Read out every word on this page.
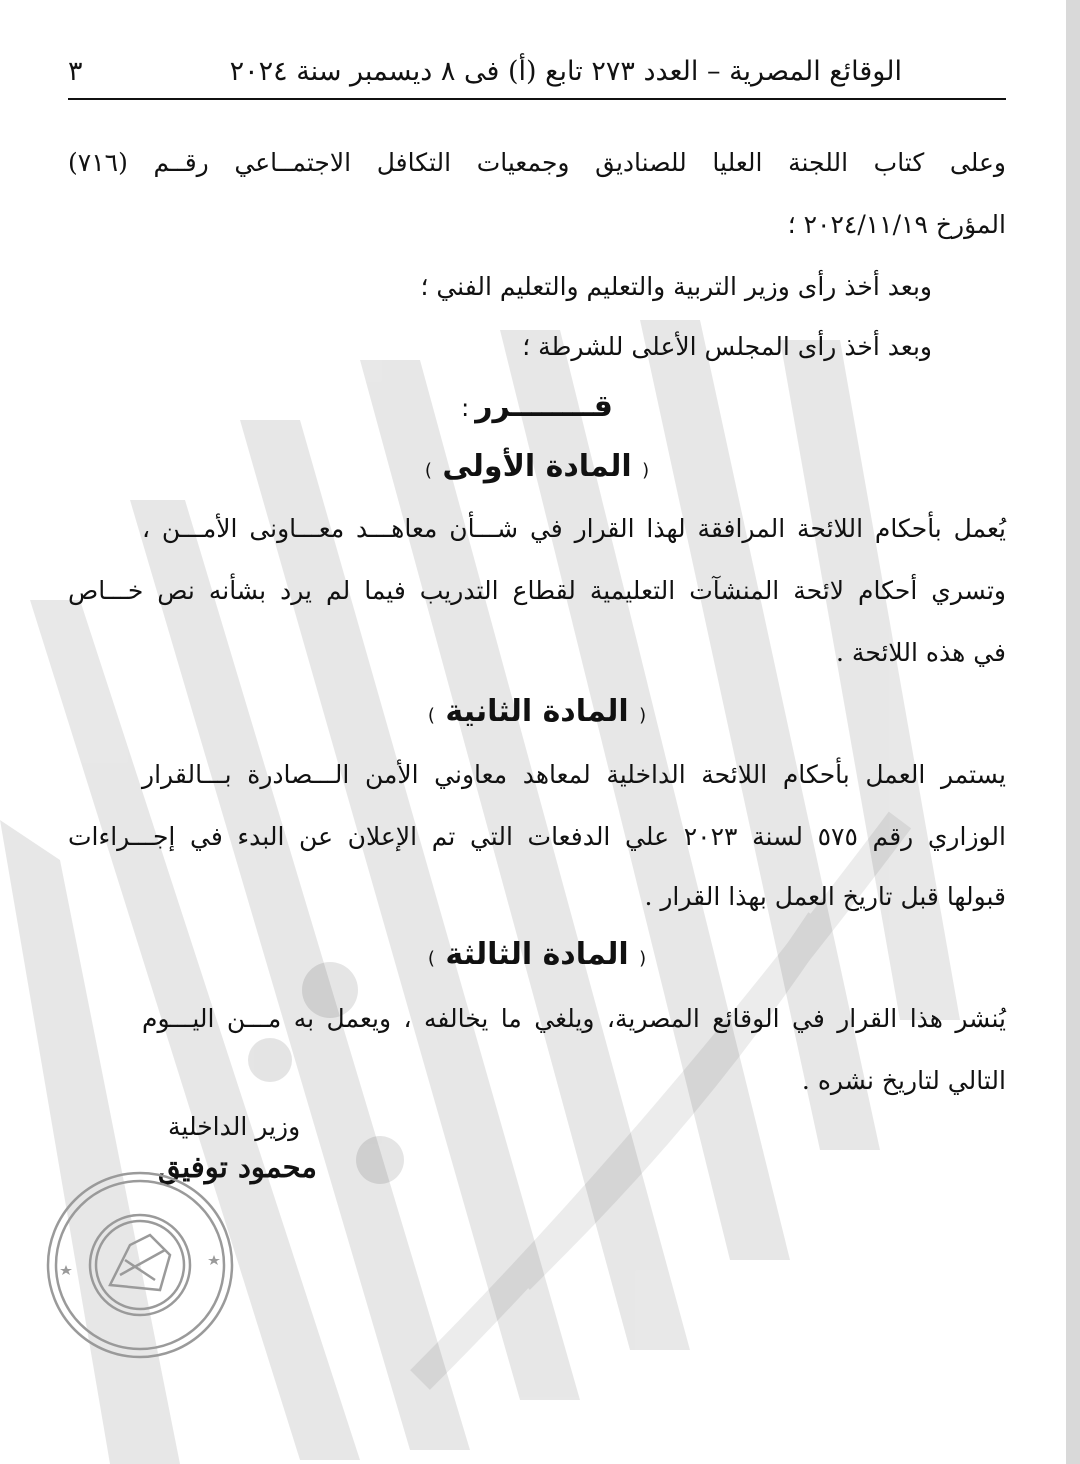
الوقائع المصرية – العدد ٢٧٣ تابع (أ) فى ٨ ديسمبر سنة ٢٠٢٤
٣
وعلى كتاب اللجنة العليا للصناديق وجمعيات التكافل الاجتمــاعي رقــم (٧١٦)
المؤرخ ٢٠٢٤/١١/١٩ ؛
وبعد أخذ رأى وزير التربية والتعليم والتعليم الفني ؛
وبعد أخذ رأى المجلس الأعلى للشرطة ؛
قــــــــرر:
( المادة الأولى )
يُعمل بأحكام اللائحة المرافقة لهذا القرار في شـــأن معاهـــد معـــاونى الأمـــن ،
وتسري أحكام لائحة المنشآت التعليمية لقطاع التدريب فيما لم يرد بشأنه نص خـــاص
في هذه اللائحة .
( المادة الثانية )
يستمر العمل بأحكام اللائحة الداخلية لمعاهد معاوني الأمن الـــصادرة بـــالقرار
الوزاري رقم ٥٧٥ لسنة ٢٠٢٣ علي الدفعات التي تم الإعلان عن البدء في إجـــراءات
قبولها قبل تاريخ العمل بهذا القرار .
( المادة الثالثة )
يُنشر هذا القرار في الوقائع المصرية، ويلغي ما يخالفه ، ويعمل به مـــن اليـــوم
التالي لتاريخ نشره .
وزير الداخلية
محمود توفيق
